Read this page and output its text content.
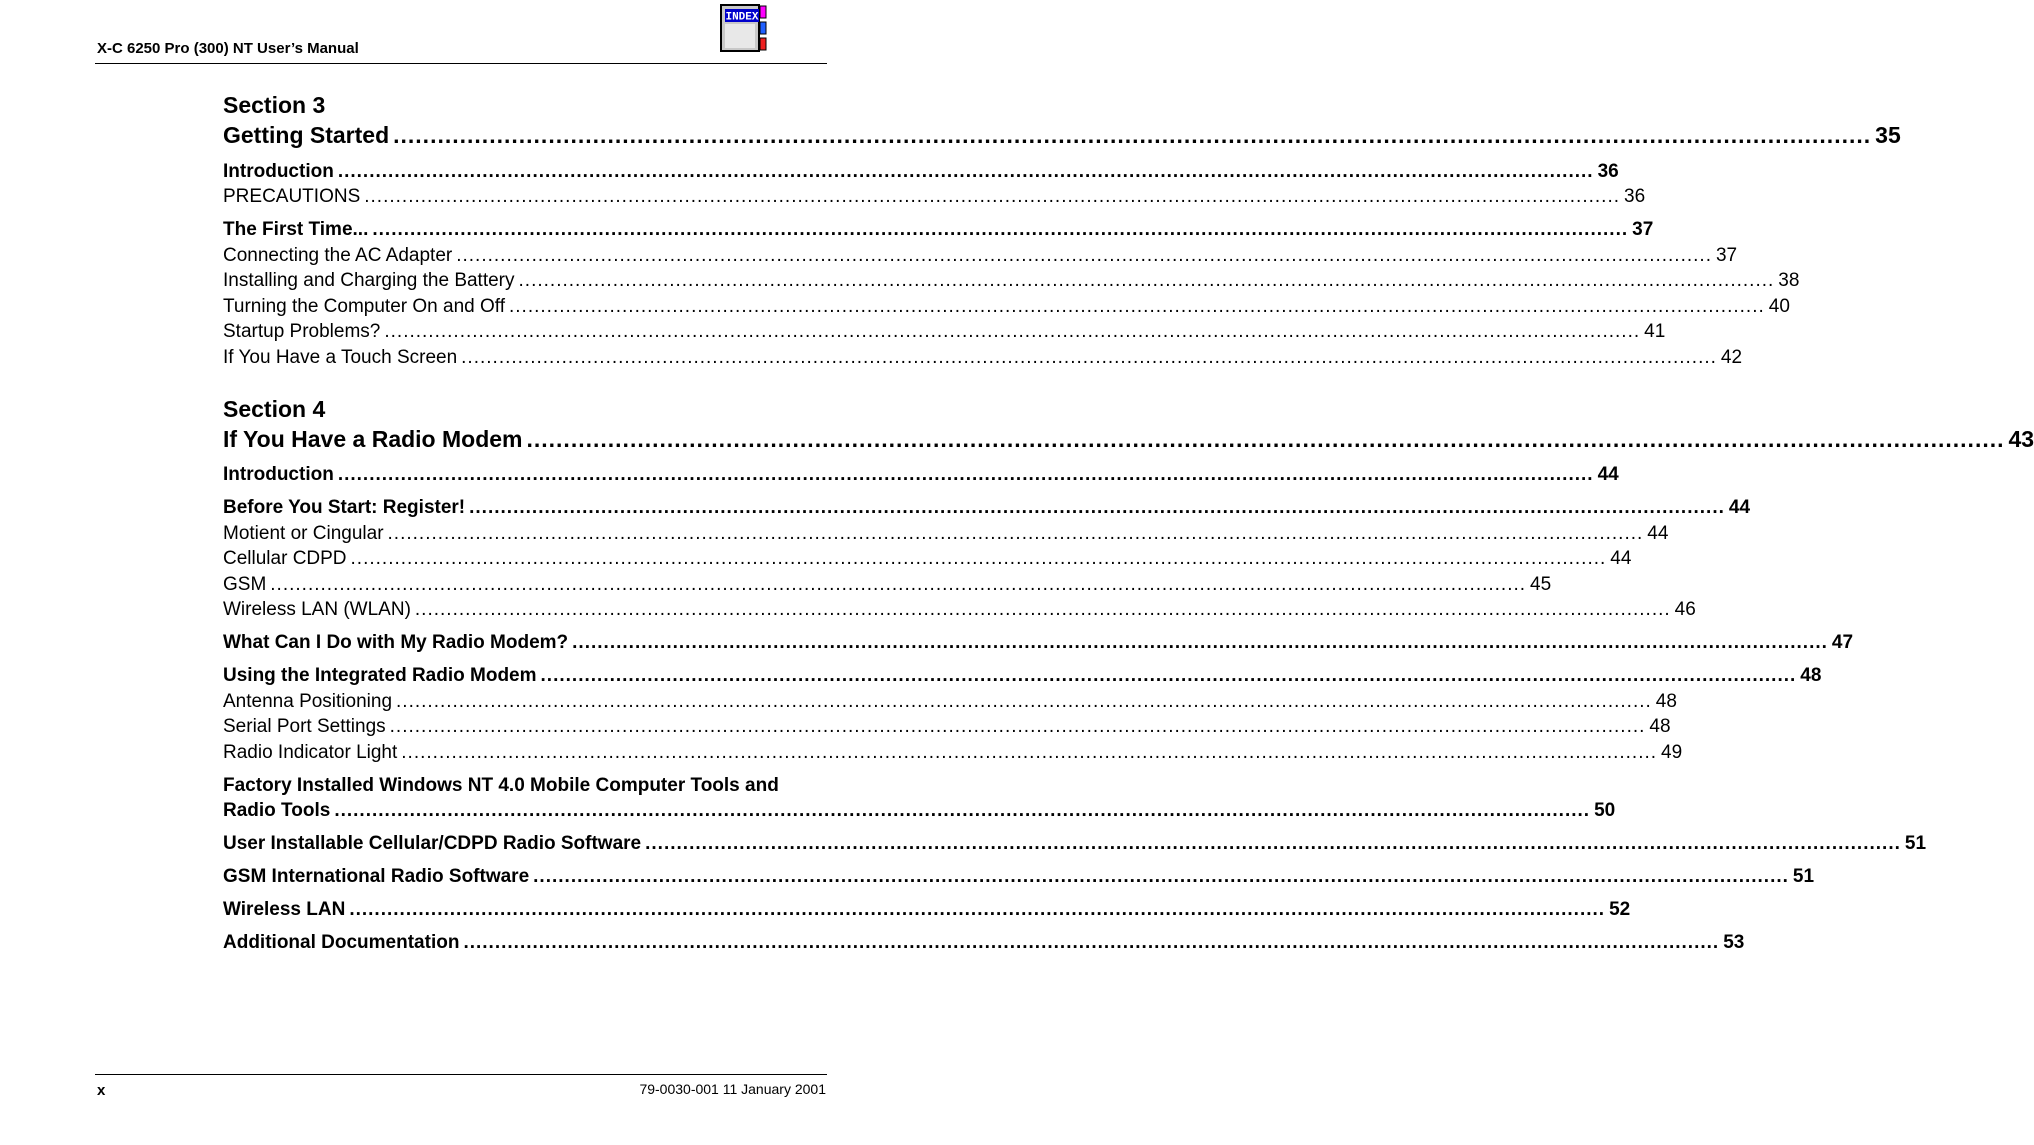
X-C 6250 Pro (300) NT User’s Manual
INDEX
Section 3
Getting Started ........................................................................................................................................................................................................ 35
Introduction ........................................................................................................................................................................................................ 36
PRECAUTIONS ........................................................................................................................................................................................................ 36
The First Time... ........................................................................................................................................................................................................ 37
Connecting the AC Adapter ........................................................................................................................................................................................................ 37
Installing and Charging the Battery ........................................................................................................................................................................................................ 38
Turning the Computer On and Off ........................................................................................................................................................................................................ 40
Startup Problems? ........................................................................................................................................................................................................ 41
If You Have a Touch Screen ........................................................................................................................................................................................................ 42
Section 4
If You Have a Radio Modem ........................................................................................................................................................................................................ 43
Introduction ........................................................................................................................................................................................................ 44
Before You Start: Register! ........................................................................................................................................................................................................ 44
Motient or Cingular ........................................................................................................................................................................................................ 44
Cellular CDPD ........................................................................................................................................................................................................ 44
GSM ........................................................................................................................................................................................................ 45
Wireless LAN (WLAN) ........................................................................................................................................................................................................ 46
What Can I Do with My Radio Modem? ........................................................................................................................................................................................................ 47
Using the Integrated Radio Modem ........................................................................................................................................................................................................ 48
Antenna Positioning ........................................................................................................................................................................................................ 48
Serial Port Settings ........................................................................................................................................................................................................ 48
Radio Indicator Light ........................................................................................................................................................................................................ 49
Factory Installed Windows NT 4.0 Mobile Computer Tools and
Radio Tools ........................................................................................................................................................................................................ 50
User Installable Cellular/CDPD Radio Software ........................................................................................................................................................................................................ 51
GSM International Radio Software ........................................................................................................................................................................................................ 51
Wireless LAN ........................................................................................................................................................................................................ 52
Additional Documentation ........................................................................................................................................................................................................ 53
x	79-0030-001 11 January 2001
